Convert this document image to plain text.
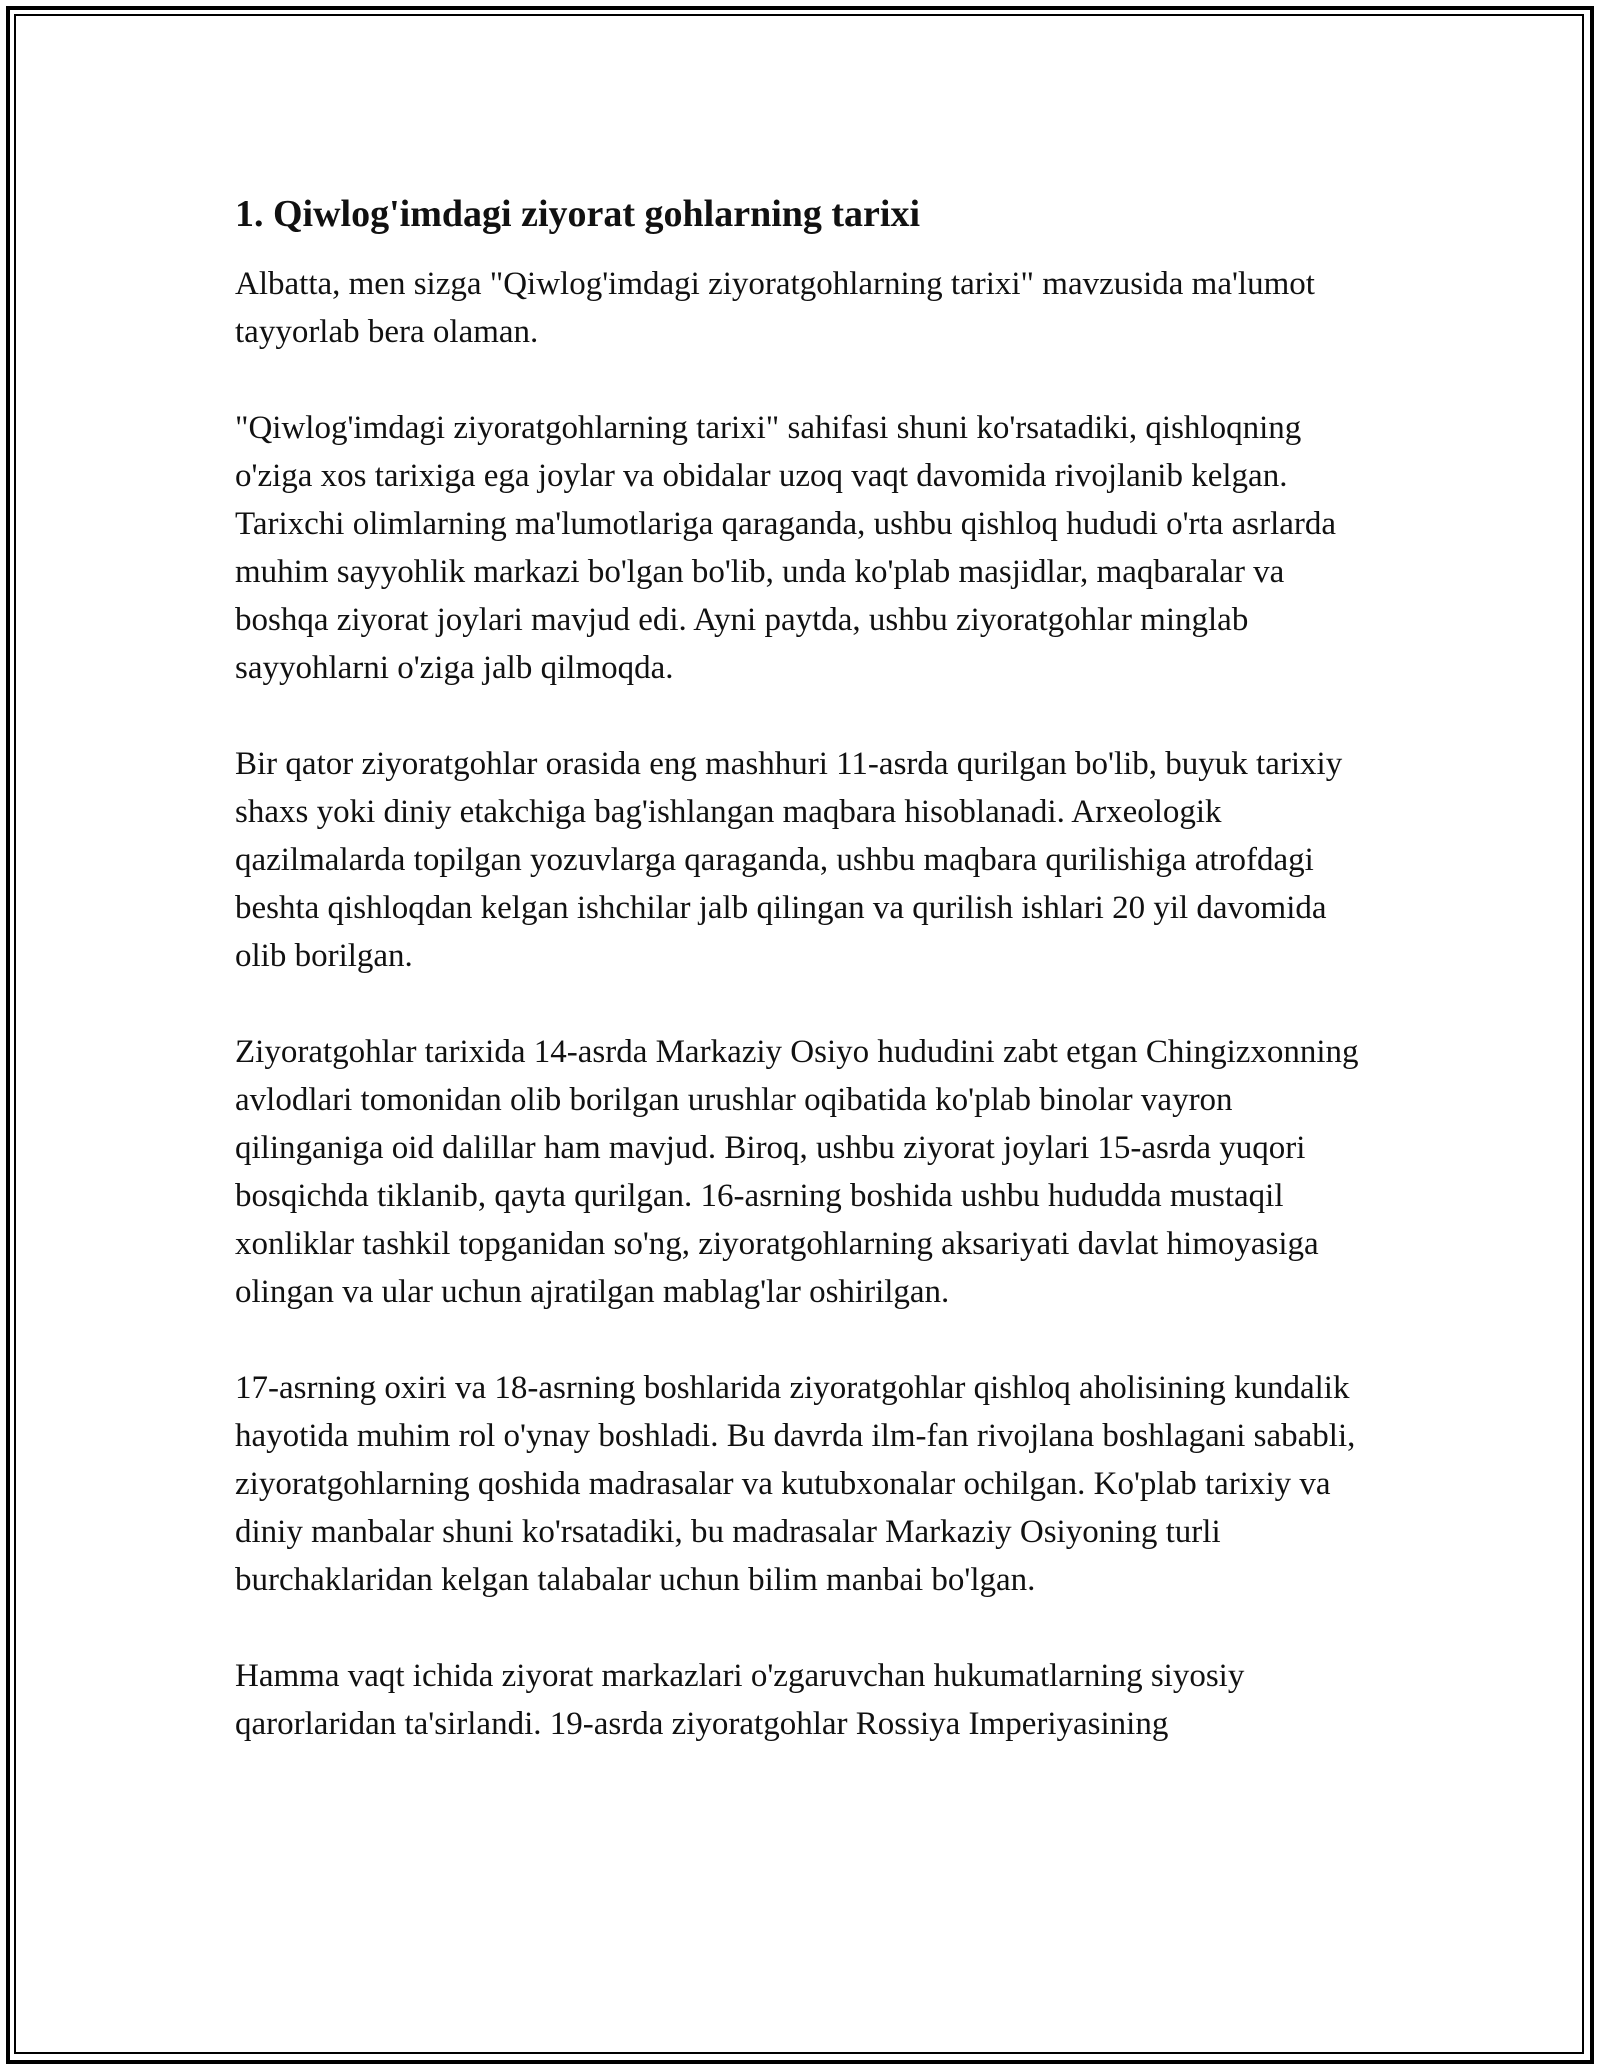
1. Qiwlog'imdagi ziyorat gohlarning tarixi

Albatta, men sizga "Qiwlog'imdagi ziyoratgohlarning tarixi" mavzusida ma'lumot tayyorlab bera olaman.

"Qiwlog'imdagi ziyoratgohlarning tarixi" sahifasi shuni ko'rsatadiki, qishloqning o'ziga xos tarixiga ega joylar va obidalar uzoq vaqt davomida rivojlanib kelgan. Tarixchi olimlarning ma'lumotlariga qaraganda, ushbu qishloq hududi o'rta asrlarda muhim sayyohlik markazi bo'lgan bo'lib, unda ko'plab masjidlar, maqbaralar va boshqa ziyorat joylari mavjud edi. Ayni paytda, ushbu ziyoratgohlar minglab sayyohlarni o'ziga jalb qilmoqda.

Bir qator ziyoratgohlar orasida eng mashhuri 11-asrda qurilgan bo'lib, buyuk tarixiy shaxs yoki diniy etakchiga bag'ishlangan maqbara hisoblanadi. Arxeologik qazilmalarda topilgan yozuvlarga qaraganda, ushbu maqbara qurilishiga atrofdagi beshta qishloqdan kelgan ishchilar jalb qilingan va qurilish ishlari 20 yil davomida olib borilgan.

Ziyoratgohlar tarixida 14-asrda Markaziy Osiyo hududini zabt etgan Chingizxonning avlodlari tomonidan olib borilgan urushlar oqibatida ko'plab binolar vayron qilinganiga oid dalillar ham mavjud. Biroq, ushbu ziyorat joylari 15-asrda yuqori bosqichda tiklanib, qayta qurilgan. 16-asrning boshida ushbu hududda mustaqil xonliklar tashkil topganidan so'ng, ziyoratgohlarning aksariyati davlat himoyasiga olingan va ular uchun ajratilgan mablag'lar oshirilgan.

17-asrning oxiri va 18-asrning boshlarida ziyoratgohlar qishloq aholisining kundalik hayotida muhim rol o'ynay boshladi. Bu davrda ilm-fan rivojlana boshlagani sababli, ziyoratgohlarning qoshida madrasalar va kutubxonalar ochilgan. Ko'plab tarixiy va diniy manbalar shuni ko'rsatadiki, bu madrasalar Markaziy Osiyoning turli burchaklaridan kelgan talabalar uchun bilim manbai bo'lgan.

Hamma vaqt ichida ziyorat markazlari o'zgaruvchan hukumatlarning siyosiy qarorlaridan ta'sirlandi. 19-asrda ziyoratgohlar Rossiya Imperiyasining
